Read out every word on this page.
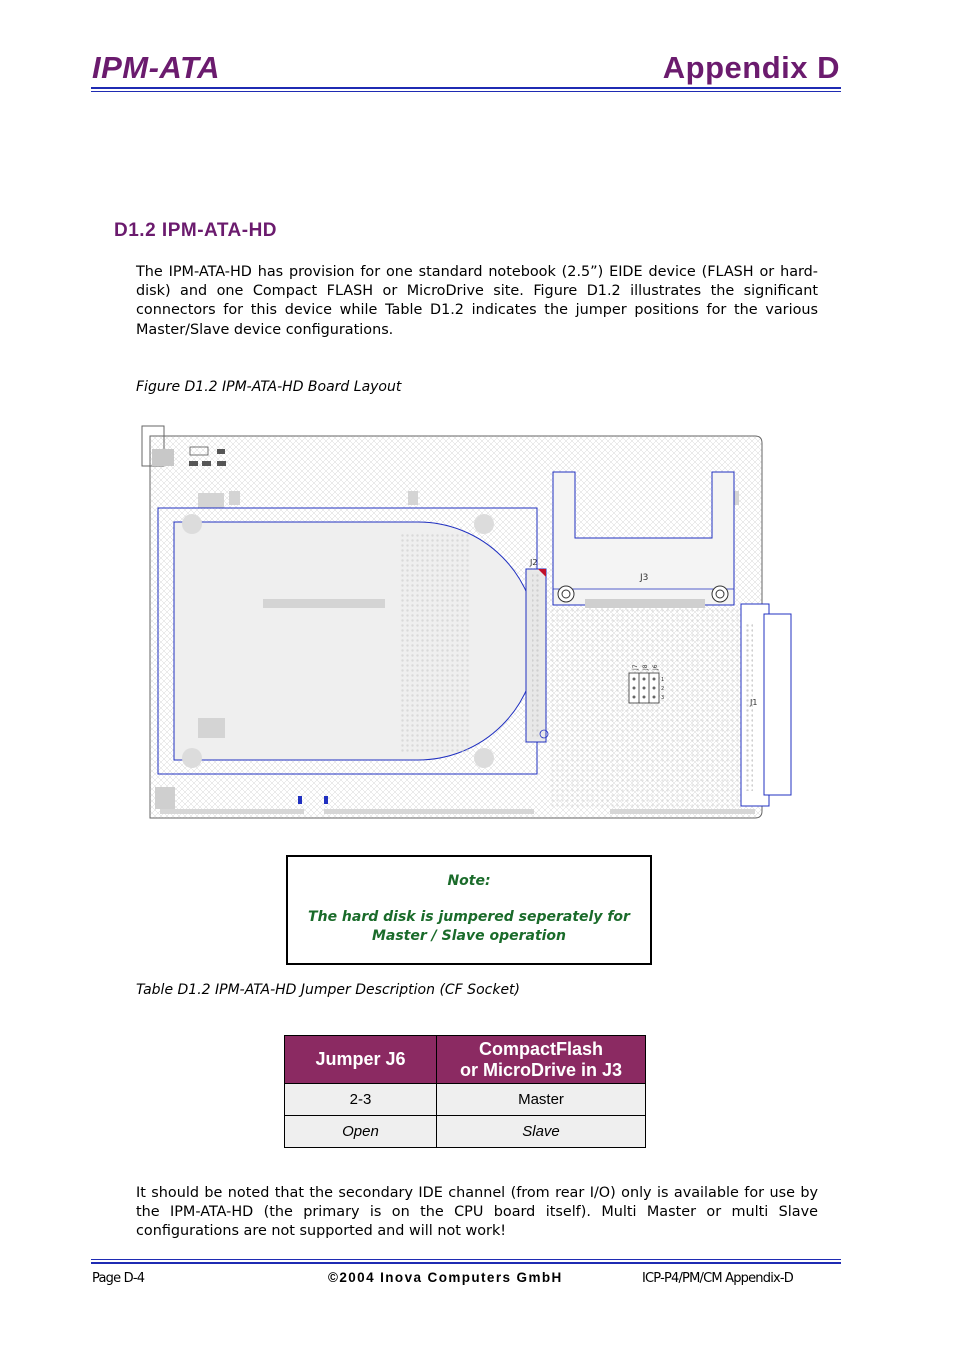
IPM-ATA	Appendix D
D1.2 IPM-ATA-HD

The IPM-ATA-HD has provision for one standard notebook (2.5”) EIDE device (FLASH or hard-disk) and one Compact FLASH or MicroDrive site. Figure D1.2 illustrates the significant connectors for this device while Table D1.2 indicates the jumper positions for the various Master/Slave device configurations.

Figure D1.2 IPM-ATA-HD Board Layout
J2
J3
J7 J8 J6
1
2
3	J1
Note:
The hard disk is jumpered seperately for
Master / Slave operation
Table D1.2 IPM-ATA-HD Jumper Description (CF Socket)
Jumper J6	CompactFlash
or MicroDrive in J3

2-3	Master
Open	Slave

It should be noted that the secondary IDE channel (from rear I/O) only is available for use by the IPM-ATA-HD (the primary is on the CPU board itself). Multi Master or multi Slave configurations are not supported and will not work!

Page D-4	©2004 Inova Computers GmbH	ICP-P4/PM/CM Appendix-D
